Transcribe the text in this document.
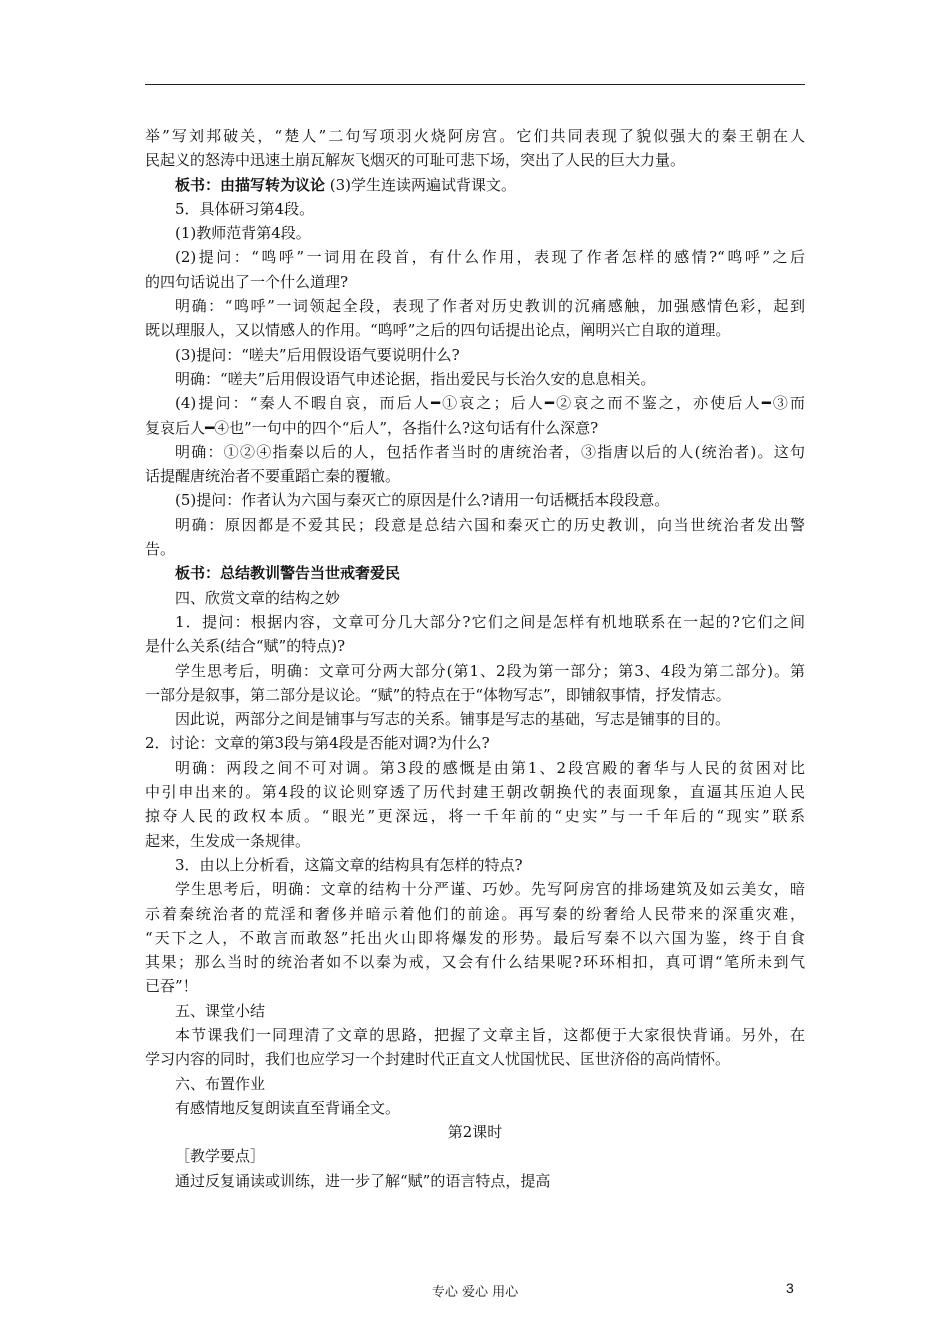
举”写刘邦破关，“楚人”二句写项羽火烧阿房宫。它们共同表现了貌似强大的秦王朝在人
民起义的怒涛中迅速土崩瓦解灰飞烟灭的可耻可悲下场，突出了人民的巨大力量。
板书：由描写转为议论 (3)学生连读两遍试背课文。
5．具体研习第4段。
(1)教师范背第4段。
(2)提问：“鸣呼”一词用在段首，有什么作用，表现了作者怎样的感情?“鸣呼”之后
的四句话说出了一个什么道理?
明确：“鸣呼”一词领起全段，表现了作者对历史教训的沉痛感触，加强感情色彩，起到
既以理服人，又以情感人的作用。“鸣呼”之后的四句话提出论点，阐明兴亡自取的道理。
(3)提问：“嗟夫”后用假设语气要说明什么?
明确：“嗟夫”后用假设语气申述论据，指出爱民与长治久安的息息相关。
(4)提问：“秦人不暇自哀，而后人━①哀之；后人━②哀之而不鉴之，亦使后人━③而
复哀后人━④也”一句中的四个“后人”，各指什么?这句话有什么深意?
明确：①②④指秦以后的人，包括作者当时的唐统治者，③指唐以后的人(统治者)。这句
话提醒唐统治者不要重蹈亡秦的覆辙。
(5)提问：作者认为六国与秦灭亡的原因是什么?请用一句话概括本段段意。
明确：原因都是不爱其民；段意是总结六国和秦灭亡的历史教训，向当世统治者发出警
告。
板书：总结教训警告当世戒奢爱民
四、欣赏文章的结构之妙
1．提问：根据内容，文章可分几大部分?它们之间是怎样有机地联系在一起的?它们之间
是什么关系(结合“赋”的特点)?
学生思考后，明确：文章可分两大部分(第1、2段为第一部分；第3、4段为第二部分)。第
一部分是叙事，第二部分是议论。“赋”的特点在于“体物写志”，即铺叙事情，抒发情志。
因此说，两部分之间是铺事与写志的关系。铺事是写志的基础，写志是铺事的目的。
2．讨论：文章的第3段与第4段是否能对调?为什么?
明确：两段之间不可对调。第3段的感慨是由第1、2段宫殿的奢华与人民的贫困对比
中引申出来的。第4段的议论则穿透了历代封建王朝改朝换代的表面现象，直逼其压迫人民
掠夺人民的政权本质。“眼光”更深远，将一千年前的“史实”与一千年后的“现实”联系
起来，生发成一条规律。
3．由以上分析看，这篇文章的结构具有怎样的特点?
学生思考后，明确：文章的结构十分严谨、巧妙。先写阿房宫的排场建筑及如云美女，暗
示着秦统治者的荒淫和奢侈并暗示着他们的前途。再写秦的纷奢给人民带来的深重灾难，
“天下之人，不敢言而敢怒”托出火山即将爆发的形势。最后写秦不以六国为鉴，终于自食
其果；那么当时的统治者如不以秦为戒，又会有什么结果呢?环环相扣，真可谓“笔所未到气
已吞”！
五、课堂小结
本节课我们一同理清了文章的思路，把握了文章主旨，这都便于大家很快背诵。另外，在
学习内容的同时，我们也应学习一个封建时代正直文人忧国忧民、匡世济俗的高尚情怀。
六、布置作业
有感情地反复朗读直至背诵全文。
第2课时
［教学要点］
通过反复诵读或训练，进一步了解“赋”的语言特点，提高
专心 爱心 用心	3
